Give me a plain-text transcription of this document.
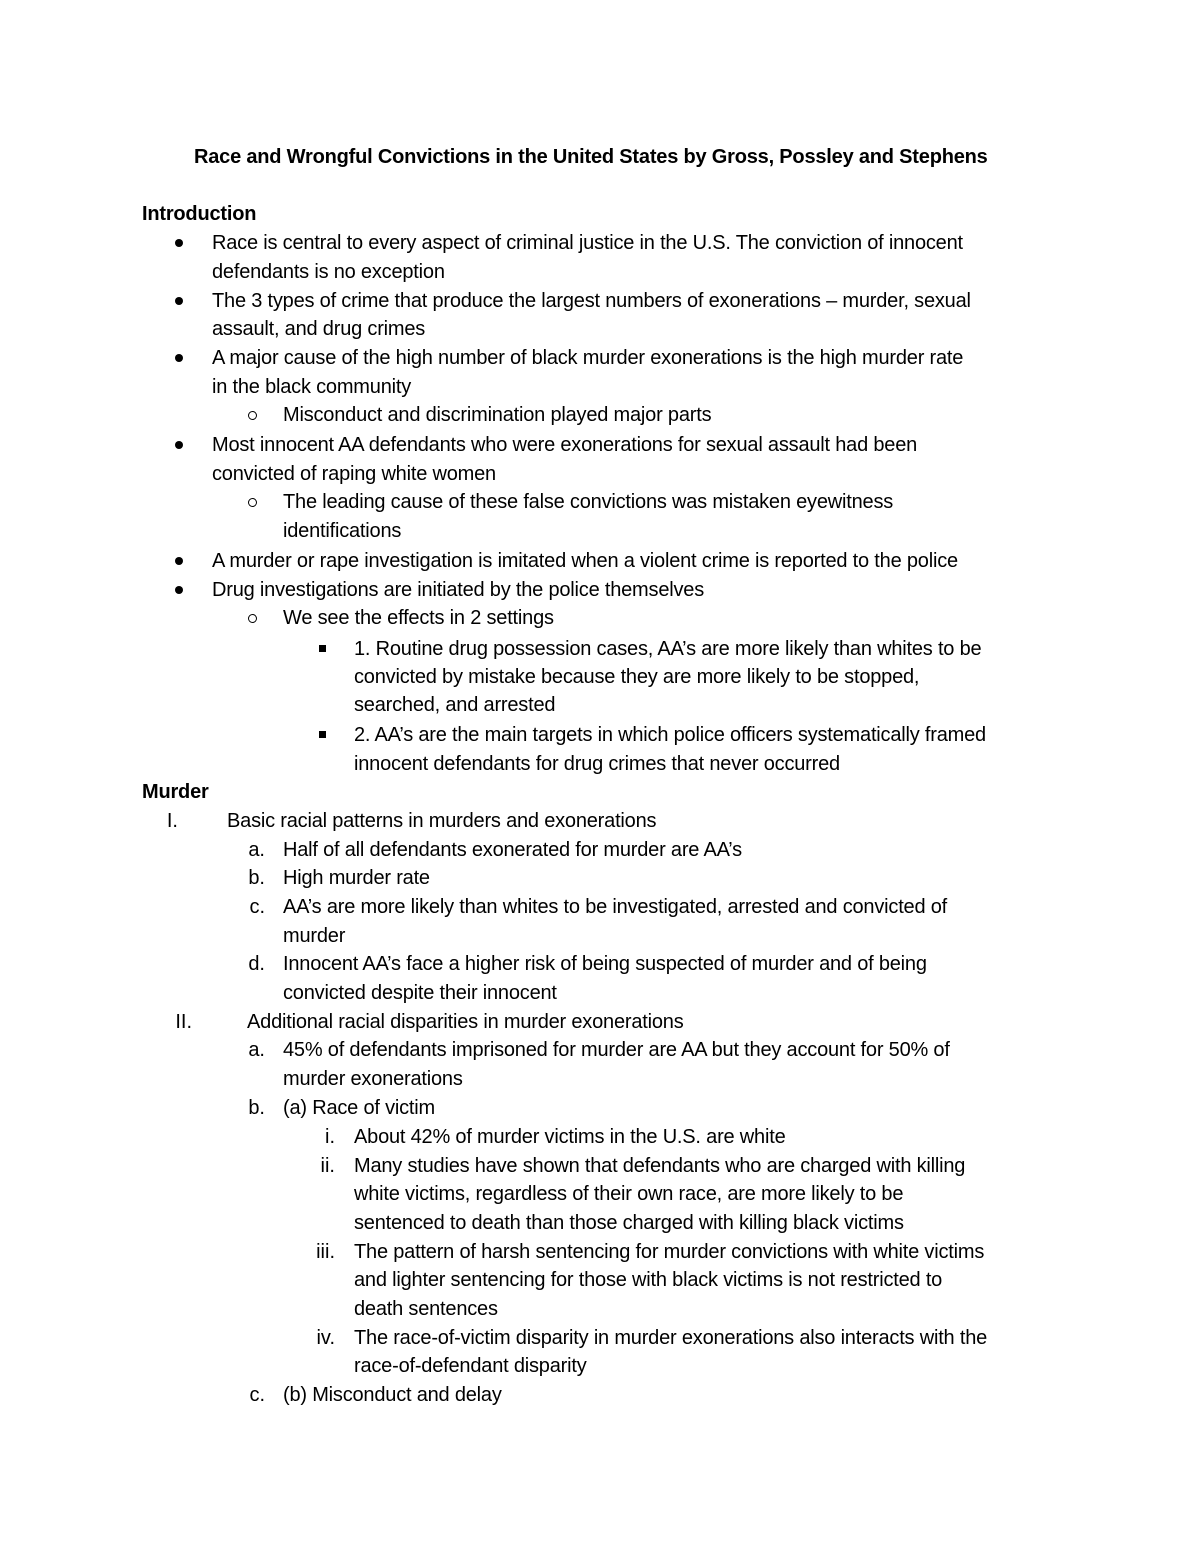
Race and Wrongful Convictions in the United States by Gross, Possley and Stephens
Introduction
Race is central to every aspect of criminal justice in the U.S. The conviction of innocent
defendants is no exception
The 3 types of crime that produce the largest numbers of exonerations – murder, sexual
assault, and drug crimes
A major cause of the high number of black murder exonerations is the high murder rate
in the black community
Misconduct and discrimination played major parts
Most innocent AA defendants who were exonerations for sexual assault had been
convicted of raping white women
The leading cause of these false convictions was mistaken eyewitness
identifications
A murder or rape investigation is imitated when a violent crime is reported to the police
Drug investigations are initiated by the police themselves
We see the effects in 2 settings
1. Routine drug possession cases, AA’s are more likely than whites to be
convicted by mistake because they are more likely to be stopped,
searched, and arrested
2. AA’s are the main targets in which police officers systematically framed
innocent defendants for drug crimes that never occurred
Murder
I. Basic racial patterns in murders and exonerations
a. Half of all defendants exonerated for murder are AA’s
b. High murder rate
c. AA’s are more likely than whites to be investigated, arrested and convicted of
murder
d. Innocent AA’s face a higher risk of being suspected of murder and of being
convicted despite their innocent
II.	Additional racial disparities in murder exonerations
a. 45% of defendants imprisoned for murder are AA but they account for 50% of
murder exonerations
b. (a) Race of victim
i. About 42% of murder victims in the U.S. are white
ii. Many studies have shown that defendants who are charged with killing
white victims, regardless of their own race, are more likely to be
sentenced to death than those charged with killing black victims
iii. The pattern of harsh sentencing for murder convictions with white victims
and lighter sentencing for those with black victims is not restricted to
death sentences
iv. The race-of-victim disparity in murder exonerations also interacts with the
race-of-defendant disparity
c. (b) Misconduct and delay
